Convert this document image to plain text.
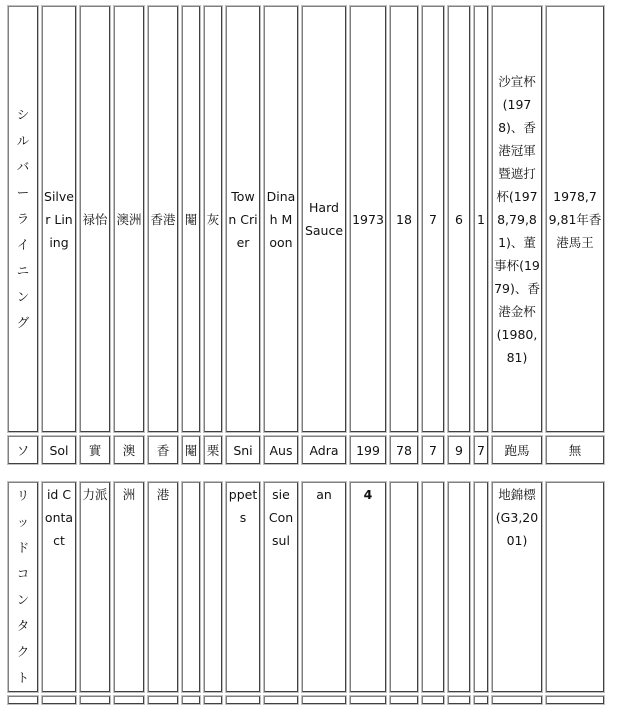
シルバーライニング	Silver Lining	禄怡	澳洲	香港	閹	灰	Town Crier	Dinah Moon	Hard Sauce	1973	18	7	6	1	沙宣杯(1978)、香港冠軍暨遮打杯(1978,79,81)、董事杯(1979)、香港金杯(1980,81)	1978,79,81年香港馬王
ソ	Sol	實	澳	香	閹	栗	Sni	Aus	Adra	199	78	7	9	7	跑馬	無

リッドコンタクト	id Contact	力派	洲	港			ppets	sie Consul	an	4					地錦標(G3,2001)	
